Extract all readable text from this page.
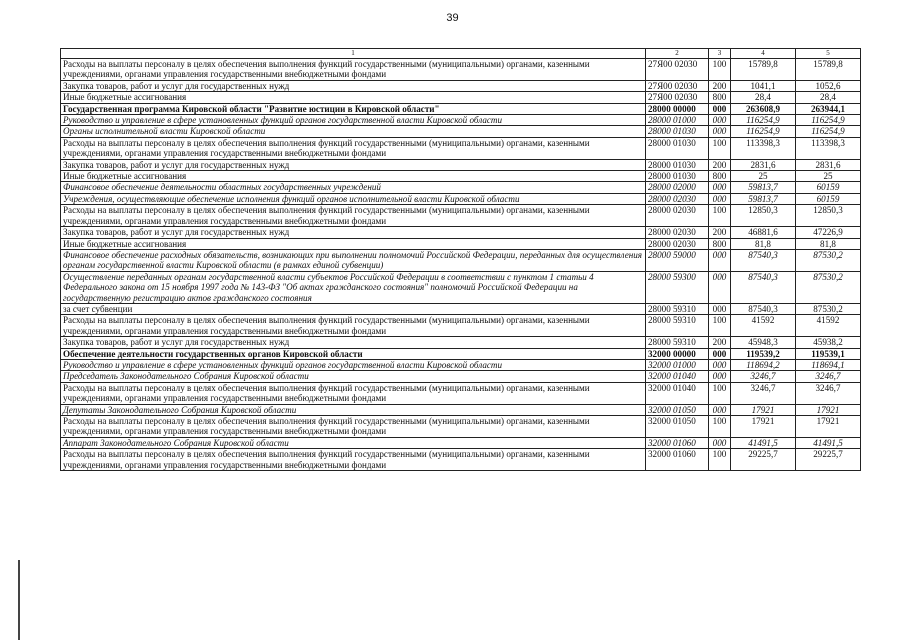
39
1	2	3	4	5
Расходы на выплаты персоналу в целях обеспечения выполнения функций государственными (муниципальными) органами, казенными учреждениями, органами управления государственными внебюджетными фондами	27Я00 02030	100	15789,8	15789,8
Закупка товаров, работ и услуг для государственных нужд	27Я00 02030	200	1041,1	1052,6
Иные бюджетные ассигнования	27Я00 02030	800	28,4	28,4
Государственная программа Кировской области "Развитие юстиции в Кировской области"	28000 00000	000	263608,9	263944,1
Руководство и управление в сфере установленных функций органов государственной власти Кировской области	28000 01000	000	116254,9	116254,9
Органы исполнительной власти Кировской области	28000 01030	000	116254,9	116254,9
Расходы на выплаты персоналу в целях обеспечения выполнения функций государственными (муниципальными) органами, казенными учреждениями, органами управления государственными внебюджетными фондами	28000 01030	100	113398,3	113398,3
Закупка товаров, работ и услуг для государственных нужд	28000 01030	200	2831,6	2831,6
Иные бюджетные ассигнования	28000 01030	800	25	25
Финансовое обеспечение деятельности областных государственных учреждений	28000 02000	000	59813,7	60159
Учреждения, осуществляющие обеспечение исполнения функций органов исполнительной власти Кировской области	28000 02030	000	59813,7	60159
Расходы на выплаты персоналу в целях обеспечения выполнения функций государственными (муниципальными) органами, казенными учреждениями, органами управления государственными внебюджетными фондами	28000 02030	100	12850,3	12850,3
Закупка товаров, работ и услуг для государственных нужд	28000 02030	200	46881,6	47226,9
Иные бюджетные ассигнования	28000 02030	800	81,8	81,8
Финансовое обеспечение расходных обязательств, возникающих при выполнении полномочий Российской Федерации, переданных для осуществления органам государственной власти Кировской области (в рамках единой субвенции)	28000 59000	000	87540,3	87530,2
Осуществление переданных органам государственной власти субъектов Российской Федерации в соответствии с пунктом 1 статьи 4 Федерального закона от 15 ноября 1997 года № 143-ФЗ "Об актах гражданского состояния" полномочий Российской Федерации на государственную регистрацию актов гражданского состояния	28000 59300	000	87540,3	87530,2
за счет субвенции	28000 59310	000	87540,3	87530,2
Расходы на выплаты персоналу в целях обеспечения выполнения функций государственными (муниципальными) органами, казенными учреждениями, органами управления государственными внебюджетными фондами	28000 59310	100	41592	41592
Закупка товаров, работ и услуг для государственных нужд	28000 59310	200	45948,3	45938,2
Обеспечение деятельности государственных органов Кировской области	32000 00000	000	119539,2	119539,1
Руководство и управление в сфере установленных функций органов государственной власти Кировской области	32000 01000	000	118694,2	118694,1
Председатель Законодательного Собрания Кировской области	32000 01040	000	3246,7	3246,7
Расходы на выплаты персоналу в целях обеспечения выполнения функций государственными (муниципальными) органами, казенными учреждениями, органами управления государственными внебюджетными фондами	32000 01040	100	3246,7	3246,7
Депутаты Законодательного Собрания Кировской области	32000 01050	000	17921	17921
Расходы на выплаты персоналу в целях обеспечения выполнения функций государственными (муниципальными) органами, казенными учреждениями, органами управления государственными внебюджетными фондами	32000 01050	100	17921	17921
Аппарат Законодательного Собрания Кировской области	32000 01060	000	41491,5	41491,5
Расходы на выплаты персоналу в целях обеспечения выполнения функций государственными (муниципальными) органами, казенными учреждениями, органами управления государственными внебюджетными фондами	32000 01060	100	29225,7	29225,7
